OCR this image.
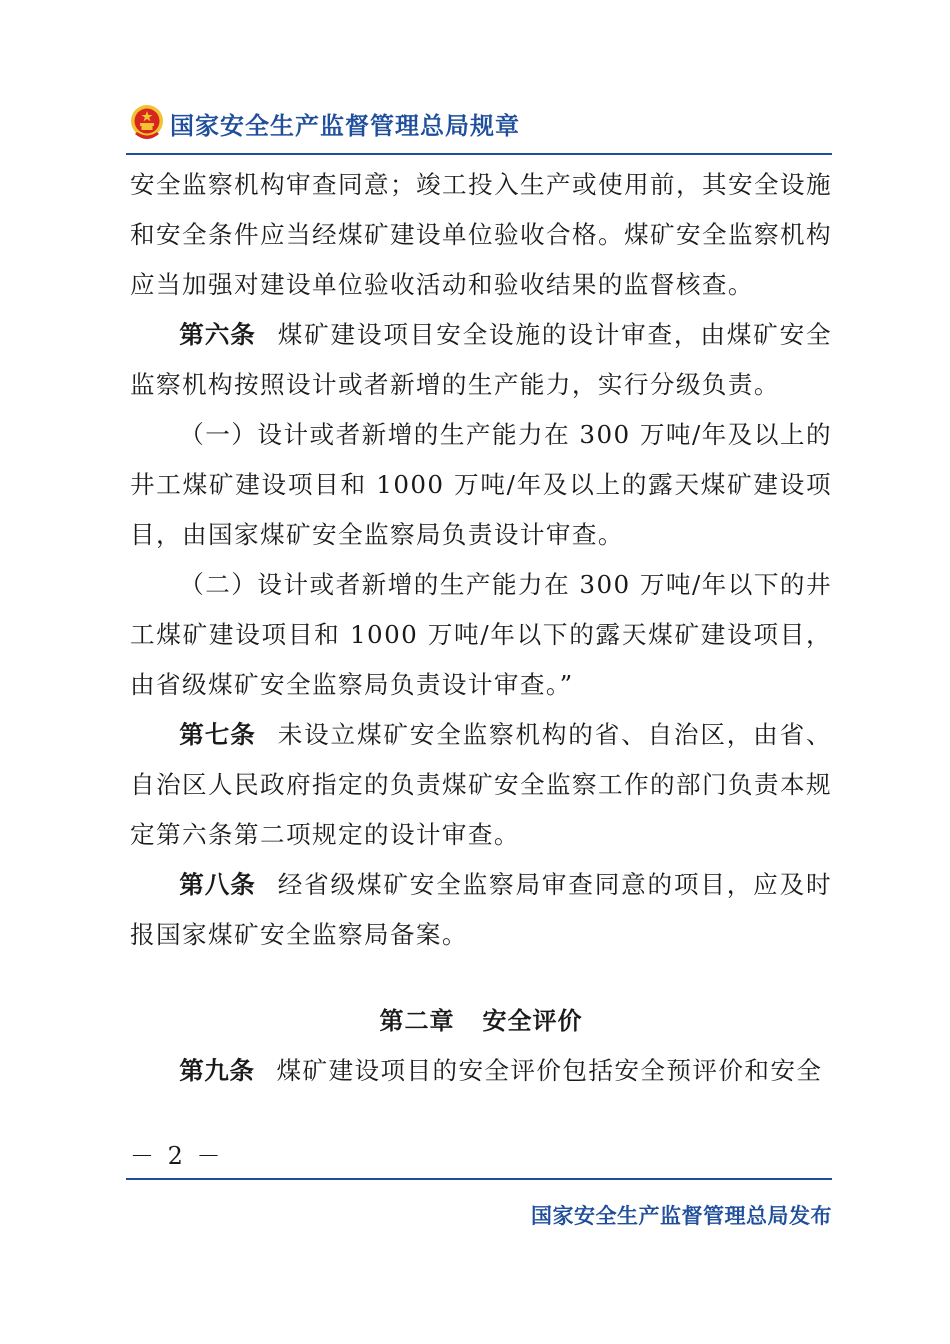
国家安全生产监督管理总局规章

安全监察机构审查同意；竣工投入生产或使用前，其安全设施和安全条件应当经煤矿建设单位验收合格。煤矿安全监察机构应当加强对建设单位验收活动和验收结果的监督核查。

第六条 煤矿建设项目安全设施的设计审查，由煤矿安全监察机构按照设计或者新增的生产能力，实行分级负责。

（一）设计或者新增的生产能力在 300 万吨/年及以上的井工煤矿建设项目和 1000 万吨/年及以上的露天煤矿建设项目，由国家煤矿安全监察局负责设计审查。

（二）设计或者新增的生产能力在 300 万吨/年以下的井工煤矿建设项目和 1000 万吨/年以下的露天煤矿建设项目，由省级煤矿安全监察局负责设计审查。”

第七条 未设立煤矿安全监察机构的省、自治区，由省、自治区人民政府指定的负责煤矿安全监察工作的部门负责本规定第六条第二项规定的设计审查。

第八条 经省级煤矿安全监察局审查同意的项目，应及时报国家煤矿安全监察局备案。

第二章 安全评价

第九条 煤矿建设项目的安全评价包括安全预评价和安全

－ 2 －
国家安全生产监督管理总局发布
